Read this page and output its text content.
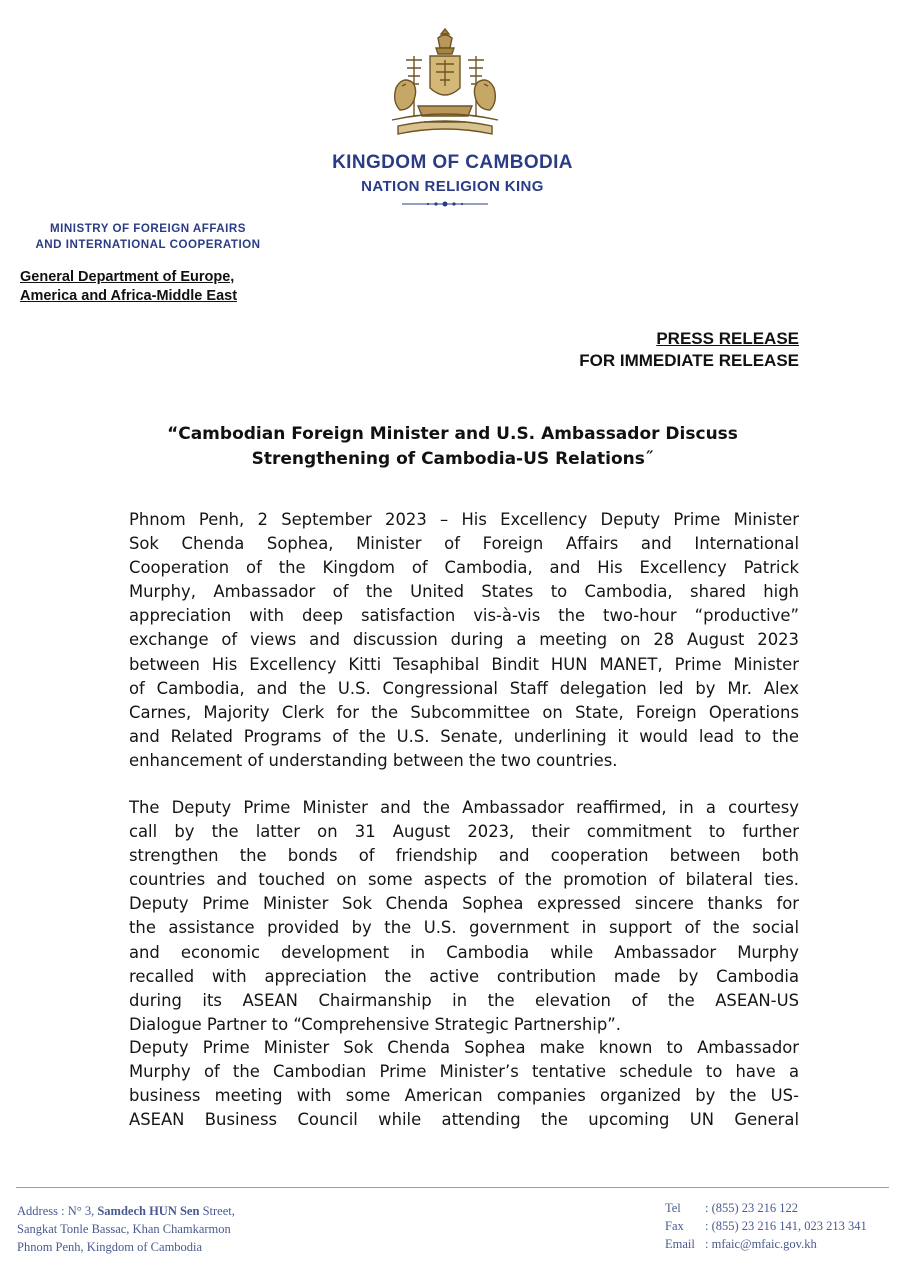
KINGDOM OF CAMBODIA
NATION RELIGION KING
MINISTRY OF FOREIGN AFFAIRS
AND INTERNATIONAL COOPERATION
General Department of Europe,
America and Africa-Middle East
PRESS RELEASE
FOR IMMEDIATE RELEASE
“Cambodian Foreign Minister and U.S. Ambassador Discuss
Strengthening of Cambodia-US Relations˝
Phnom Penh, 2 September 2023 – His Excellency Deputy Prime Minister
Sok Chenda Sophea, Minister of Foreign Affairs and International
Cooperation of the Kingdom of Cambodia, and His Excellency Patrick
Murphy, Ambassador of the United States to Cambodia, shared high
appreciation with deep satisfaction vis-à-vis the two-hour “productive”
exchange of views and discussion during a meeting on 28 August 2023
between His Excellency Kitti Tesaphibal Bindit HUN MANET, Prime Minister
of Cambodia, and the U.S. Congressional Staff delegation led by Mr. Alex
Carnes, Majority Clerk for the Subcommittee on State, Foreign Operations
and Related Programs of the U.S. Senate, underlining it would lead to the
enhancement of understanding between the two countries.
The Deputy Prime Minister and the Ambassador reaffirmed, in a courtesy
call by the latter on 31 August 2023, their commitment to further
strengthen the bonds of friendship and cooperation between both
countries and touched on some aspects of the promotion of bilateral ties.
Deputy Prime Minister Sok Chenda Sophea expressed sincere thanks for
the assistance provided by the U.S. government in support of the social
and economic development in Cambodia while Ambassador Murphy
recalled with appreciation the active contribution made by Cambodia
during its ASEAN Chairmanship in the elevation of the ASEAN-US
Dialogue Partner to “Comprehensive Strategic Partnership”.
Deputy Prime Minister Sok Chenda Sophea make known to Ambassador
Murphy of the Cambodian Prime Minister’s tentative schedule to have a
business meeting with some American companies organized by the US-
ASEAN Business Council while attending the upcoming UN General
Address : N° 3, Samdech HUN Sen Street,
Sangkat Tonle Bassac, Khan Chamkarmon
Phnom Penh, Kingdom of Cambodia
Tel : (855) 23 216 122
Fax : (855) 23 216 141, 023 213 341
Email : mfaic@mfaic.gov.kh
